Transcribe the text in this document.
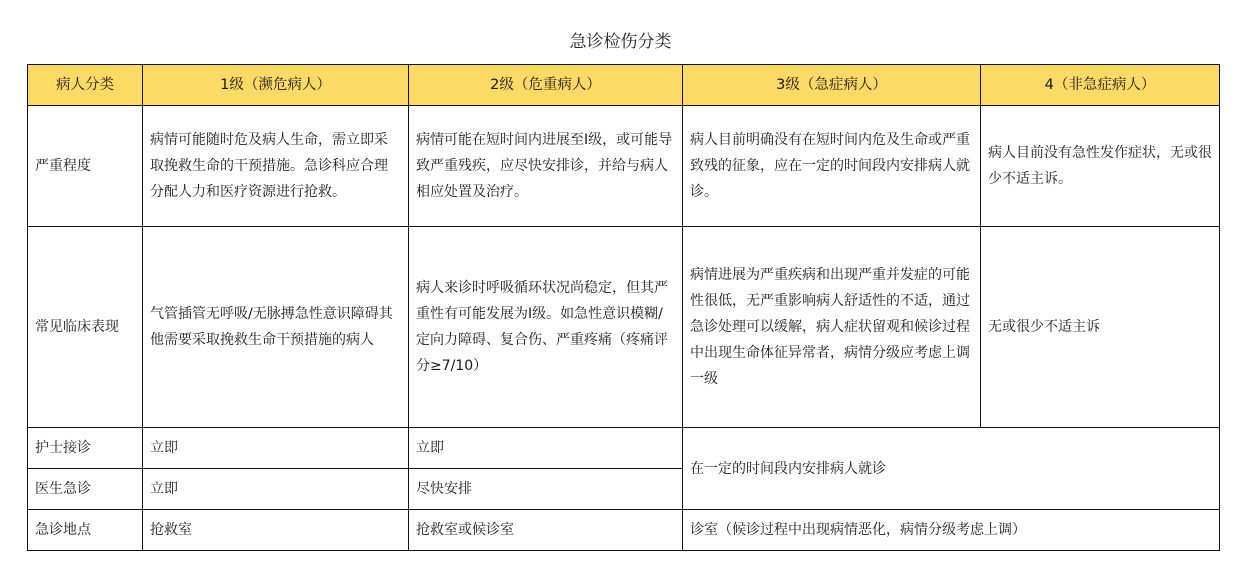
急诊检伤分类
病人分类	1级（濒危病人）	2级（危重病人）	3级（急症病人）	4（非急症病人）
严重程度	病情可能随时危及病人生命，需立即采取挽救生命的干预措施。急诊科应合理分配人力和医疗资源进行抢救。	病情可能在短时间内进展至Ⅰ级，或可能导致严重残疾，应尽快安排诊，并给与病人相应处置及治疗。	病人目前明确没有在短时间内危及生命或严重致残的征象，应在一定的时间段内安排病人就诊。	病人目前没有急性发作症状，无或很少不适主诉。
常见临床表现	气管插管无呼吸/无脉搏急性意识障碍其他需要采取挽救生命干预措施的病人	病人来诊时呼吸循环状况尚稳定，但其严重性有可能发展为Ⅰ级。如急性意识模糊/定向力障碍、复合伤、严重疼痛（疼痛评分≥7/10）	病情进展为严重疾病和出现严重并发症的可能性很低，无严重影响病人舒适性的不适，通过急诊处理可以缓解，病人症状留观和候诊过程中出现生命体征异常者，病情分级应考虑上调一级	无或很少不适主诉
护士接诊	立即	立即	在一定的时间段内安排病人就诊	
医生急诊	立即	尽快安排		
急诊地点	抢救室	抢救室或候诊室	诊室（候诊过程中出现病情恶化，病情分级考虑上调）	
